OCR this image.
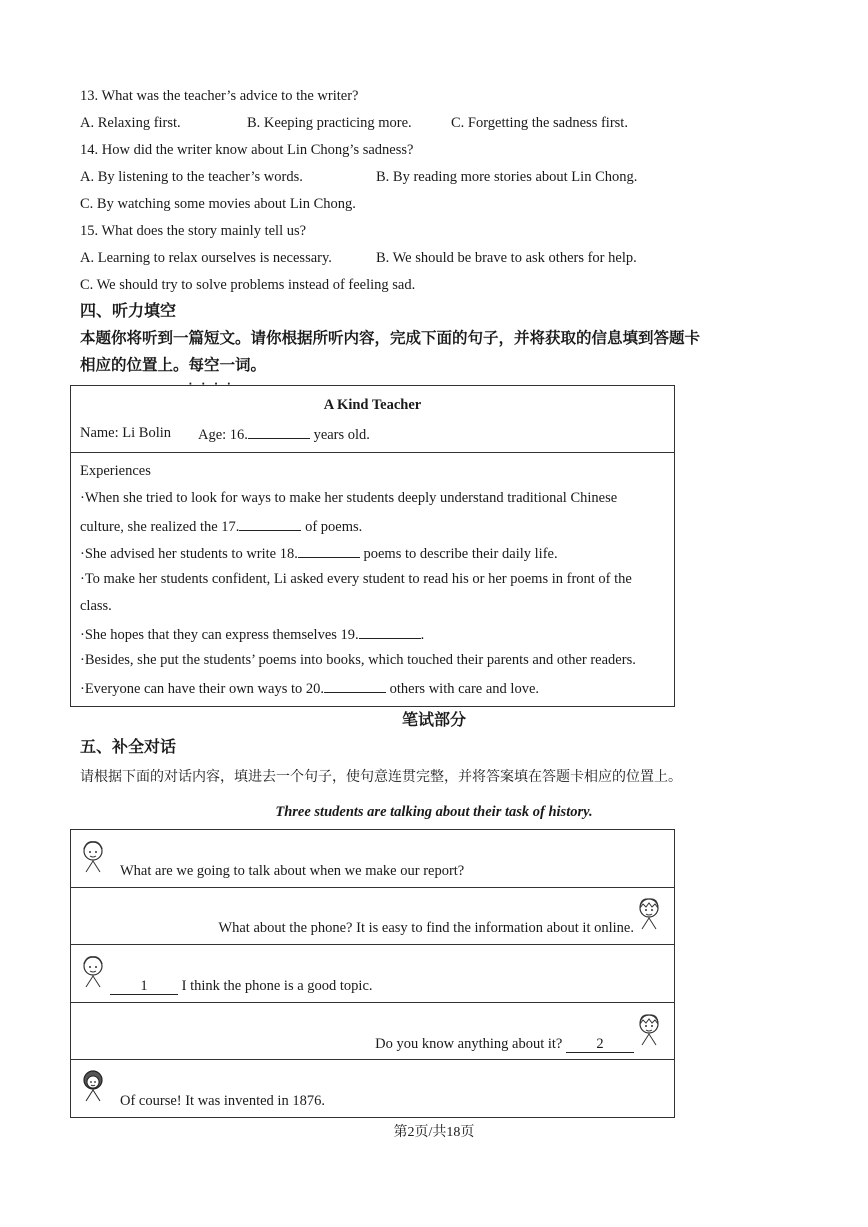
13. What was the teacher’s advice to the writer?
A. Relaxing first.	B. Keeping practicing more.	C. Forgetting the sadness first.
14. How did the writer know about Lin Chong’s sadness?
A. By listening to the teacher’s words.	B. By reading more stories about Lin Chong.
C. By watching some movies about Lin Chong.
15. What does the story mainly tell us?
A. Learning to relax ourselves is necessary.	B. We should be brave to ask others for help.
C. We should try to solve problems instead of feeling sad.
四、听力填空
本题你将听到一篇短文。请你根据所听内容，完成下面的句子，并将获取的信息填到答题卡
相应的位置上。每空一词
····
。
A Kind Teacher
Name: Li Bolin Age: 16.	years old.
Experiences
·When she tried to look for ways to make her students deeply understand traditional Chinese
culture, she realized the 17.	of poems.
·She advised her students to write 18.	poems to describe their daily life.
·To make her students confident, Li asked every student to read his or her poems in front of the
class.
·She hopes that they can express themselves 19.	.
·Besides, she put the students’ poems into books, which touched their parents and other readers.
·Everyone can have their own ways to 20.	others with care and love.
笔试部分
五、补全对话
请根据下面的对话内容，填进去一个句子，使句意连贯完整，并将答案填在答题卡相应的位置上。
Three students are talking about their task of history.
What are we going to talk about when we make our report?
What about the phone? It is easy to find the information about it online.
1 I think the phone is a good topic.
Do you know anything about it? 2
Of course! It was invented in 1876.
第2页/共18页
